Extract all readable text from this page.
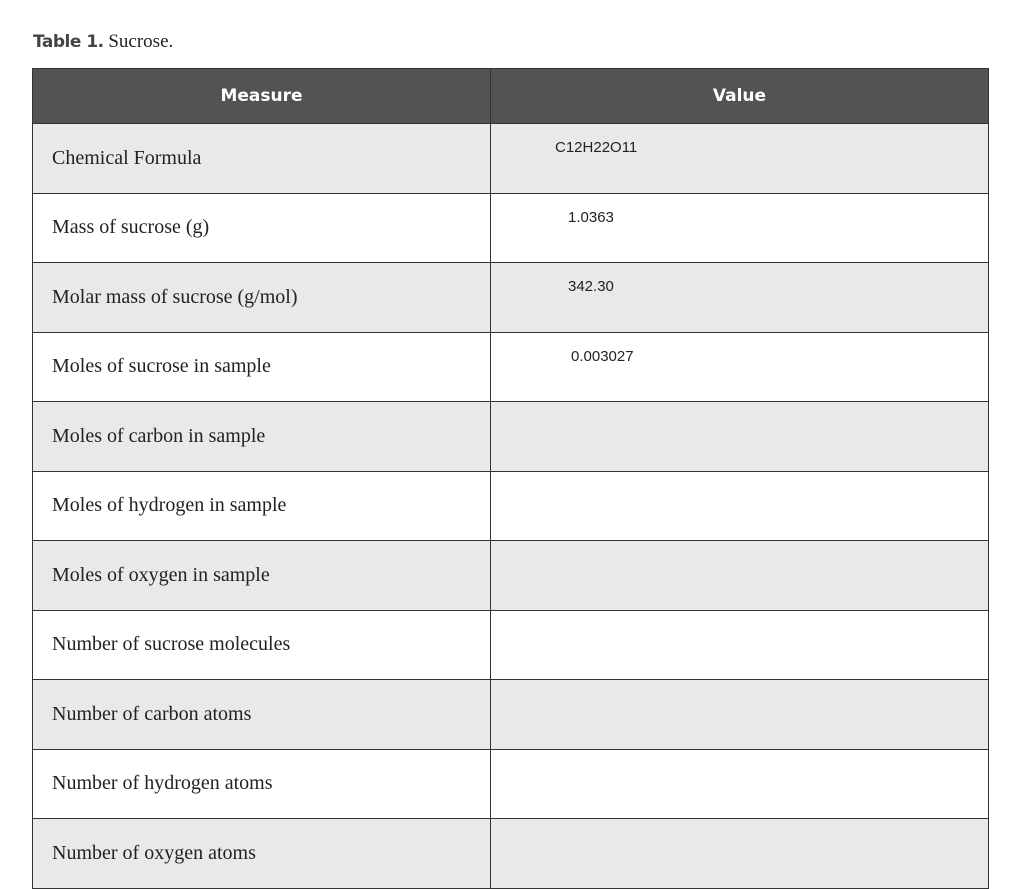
Table 1. Sucrose.
Measure	Value
Chemical Formula	C12H22O11
Mass of sucrose (g)	1.0363
Molar mass of sucrose (g/mol)	342.30
Moles of sucrose in sample	0.003027
Moles of carbon in sample	
Moles of hydrogen in sample	
Moles of oxygen in sample	
Number of sucrose molecules	
Number of carbon atoms	
Number of hydrogen atoms	
Number of oxygen atoms	
